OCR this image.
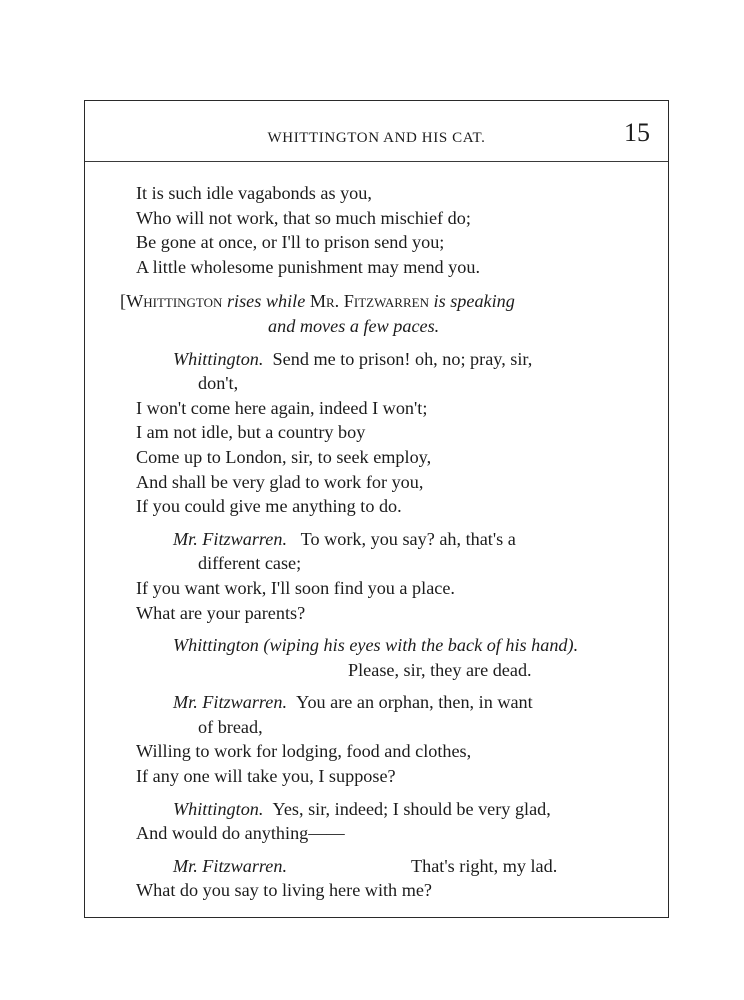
WHITTINGTON AND HIS CAT.	15
It is such idle vagabonds as you,
Who will not work, that so much mischief do;
Be gone at once, or I'll to prison send you;
A little wholesome punishment may mend you.
[Whittington rises while Mr. Fitzwarren is speaking
and moves a few paces.
Whittington. Send me to prison! oh, no; pray, sir,
don't,
I won't come here again, indeed I won't;
I am not idle, but a country boy
Come up to London, sir, to seek employ,
And shall be very glad to work for you,
If you could give me anything to do.
Mr. Fitzwarren. To work, you say? ah, that's a
different case;
If you want work, I'll soon find you a place.
What are your parents?
Whittington (wiping his eyes with the back of his hand).
Please, sir, they are dead.
Mr. Fitzwarren. You are an orphan, then, in want
of bread,
Willing to work for lodging, food and clothes,
If any one will take you, I suppose?
Whittington. Yes, sir, indeed; I should be very glad,
And would do anything——
Mr. Fitzwarren.	That's right, my lad.
What do you say to living here with me?
